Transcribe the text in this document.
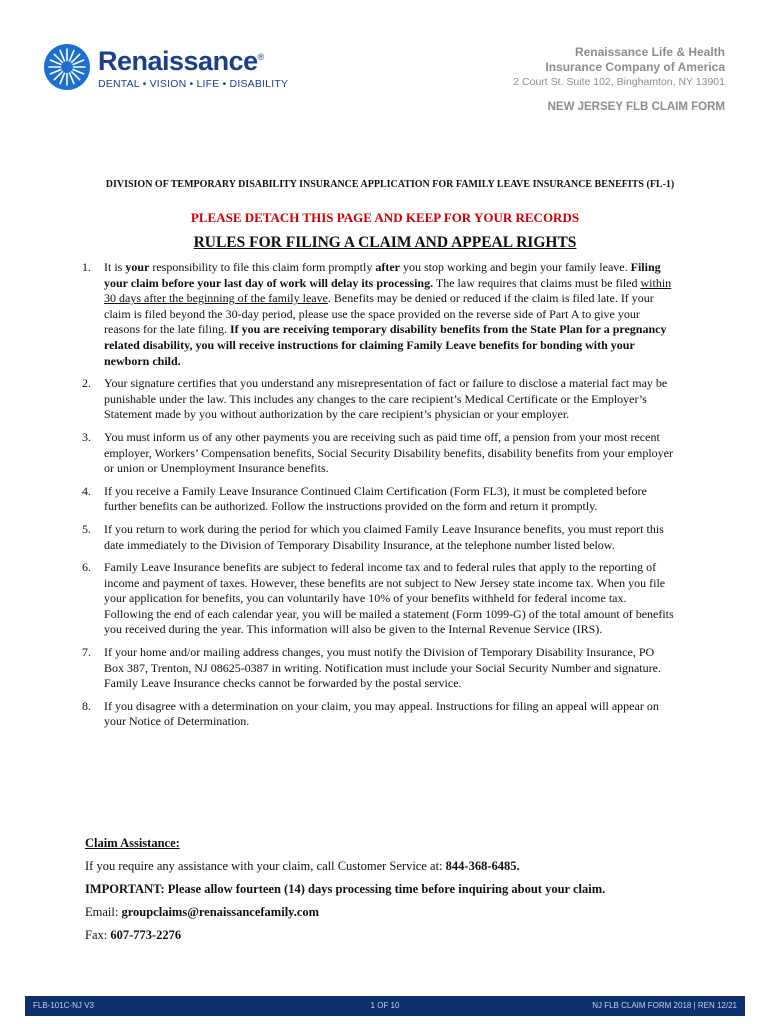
Renaissance®
DENTAL • VISION • LIFE • DISABILITY
Renaissance Life & Health
Insurance Company of America
2 Court St. Suite 102, Binghamton, NY 13901
NEW JERSEY FLB CLAIM FORM
DIVISION OF TEMPORARY DISABILITY INSURANCE APPLICATION FOR FAMILY LEAVE INSURANCE BENEFITS (FL-1)
PLEASE DETACH THIS PAGE AND KEEP FOR YOUR RECORDS
RULES FOR FILING A CLAIM AND APPEAL RIGHTS
1. It is your responsibility to file this claim form promptly after you stop working and begin your family leave. Filing your claim before your last day of work will delay its processing. The law requires that claims must be filed within 30 days after the beginning of the family leave. Benefits may be denied or reduced if the claim is filed late. If your claim is filed beyond the 30-day period, please use the space provided on the reverse side of Part A to give your reasons for the late filing. If you are receiving temporary disability benefits from the State Plan for a pregnancy related disability, you will receive instructions for claiming Family Leave benefits for bonding with your newborn child.
2. Your signature certifies that you understand any misrepresentation of fact or failure to disclose a material fact may be punishable under the law. This includes any changes to the care recipient’s Medical Certificate or the Employer’s Statement made by you without authorization by the care recipient’s physician or your employer.
3. You must inform us of any other payments you are receiving such as paid time off, a pension from your most recent employer, Workers’ Compensation benefits, Social Security Disability benefits, disability benefits from your employer or union or Unemployment Insurance benefits.
4. If you receive a Family Leave Insurance Continued Claim Certification (Form FL3), it must be completed before further benefits can be authorized. Follow the instructions provided on the form and return it promptly.
5. If you return to work during the period for which you claimed Family Leave Insurance benefits, you must report this date immediately to the Division of Temporary Disability Insurance, at the telephone number listed below.
6. Family Leave Insurance benefits are subject to federal income tax and to federal rules that apply to the reporting of income and payment of taxes. However, these benefits are not subject to New Jersey state income tax. When you file your application for benefits, you can voluntarily have 10% of your benefits withheld for federal income tax. Following the end of each calendar year, you will be mailed a statement (Form 1099-G) of the total amount of benefits you received during the year. This information will also be given to the Internal Revenue Service (IRS).
7. If your home and/or mailing address changes, you must notify the Division of Temporary Disability Insurance, PO Box 387, Trenton, NJ 08625-0387 in writing. Notification must include your Social Security Number and signature. Family Leave Insurance checks cannot be forwarded by the postal service.
8. If you disagree with a determination on your claim, you may appeal. Instructions for filing an appeal will appear on your Notice of Determination.
Claim Assistance:
If you require any assistance with your claim, call Customer Service at: 844-368-6485.
IMPORTANT: Please allow fourteen (14) days processing time before inquiring about your claim.
Email: groupclaims@renaissancefamily.com
Fax: 607-773-2276
FLB-101C-NJ V3	1 OF 10	NJ FLB CLAIM FORM 2018 | REN 12/21
